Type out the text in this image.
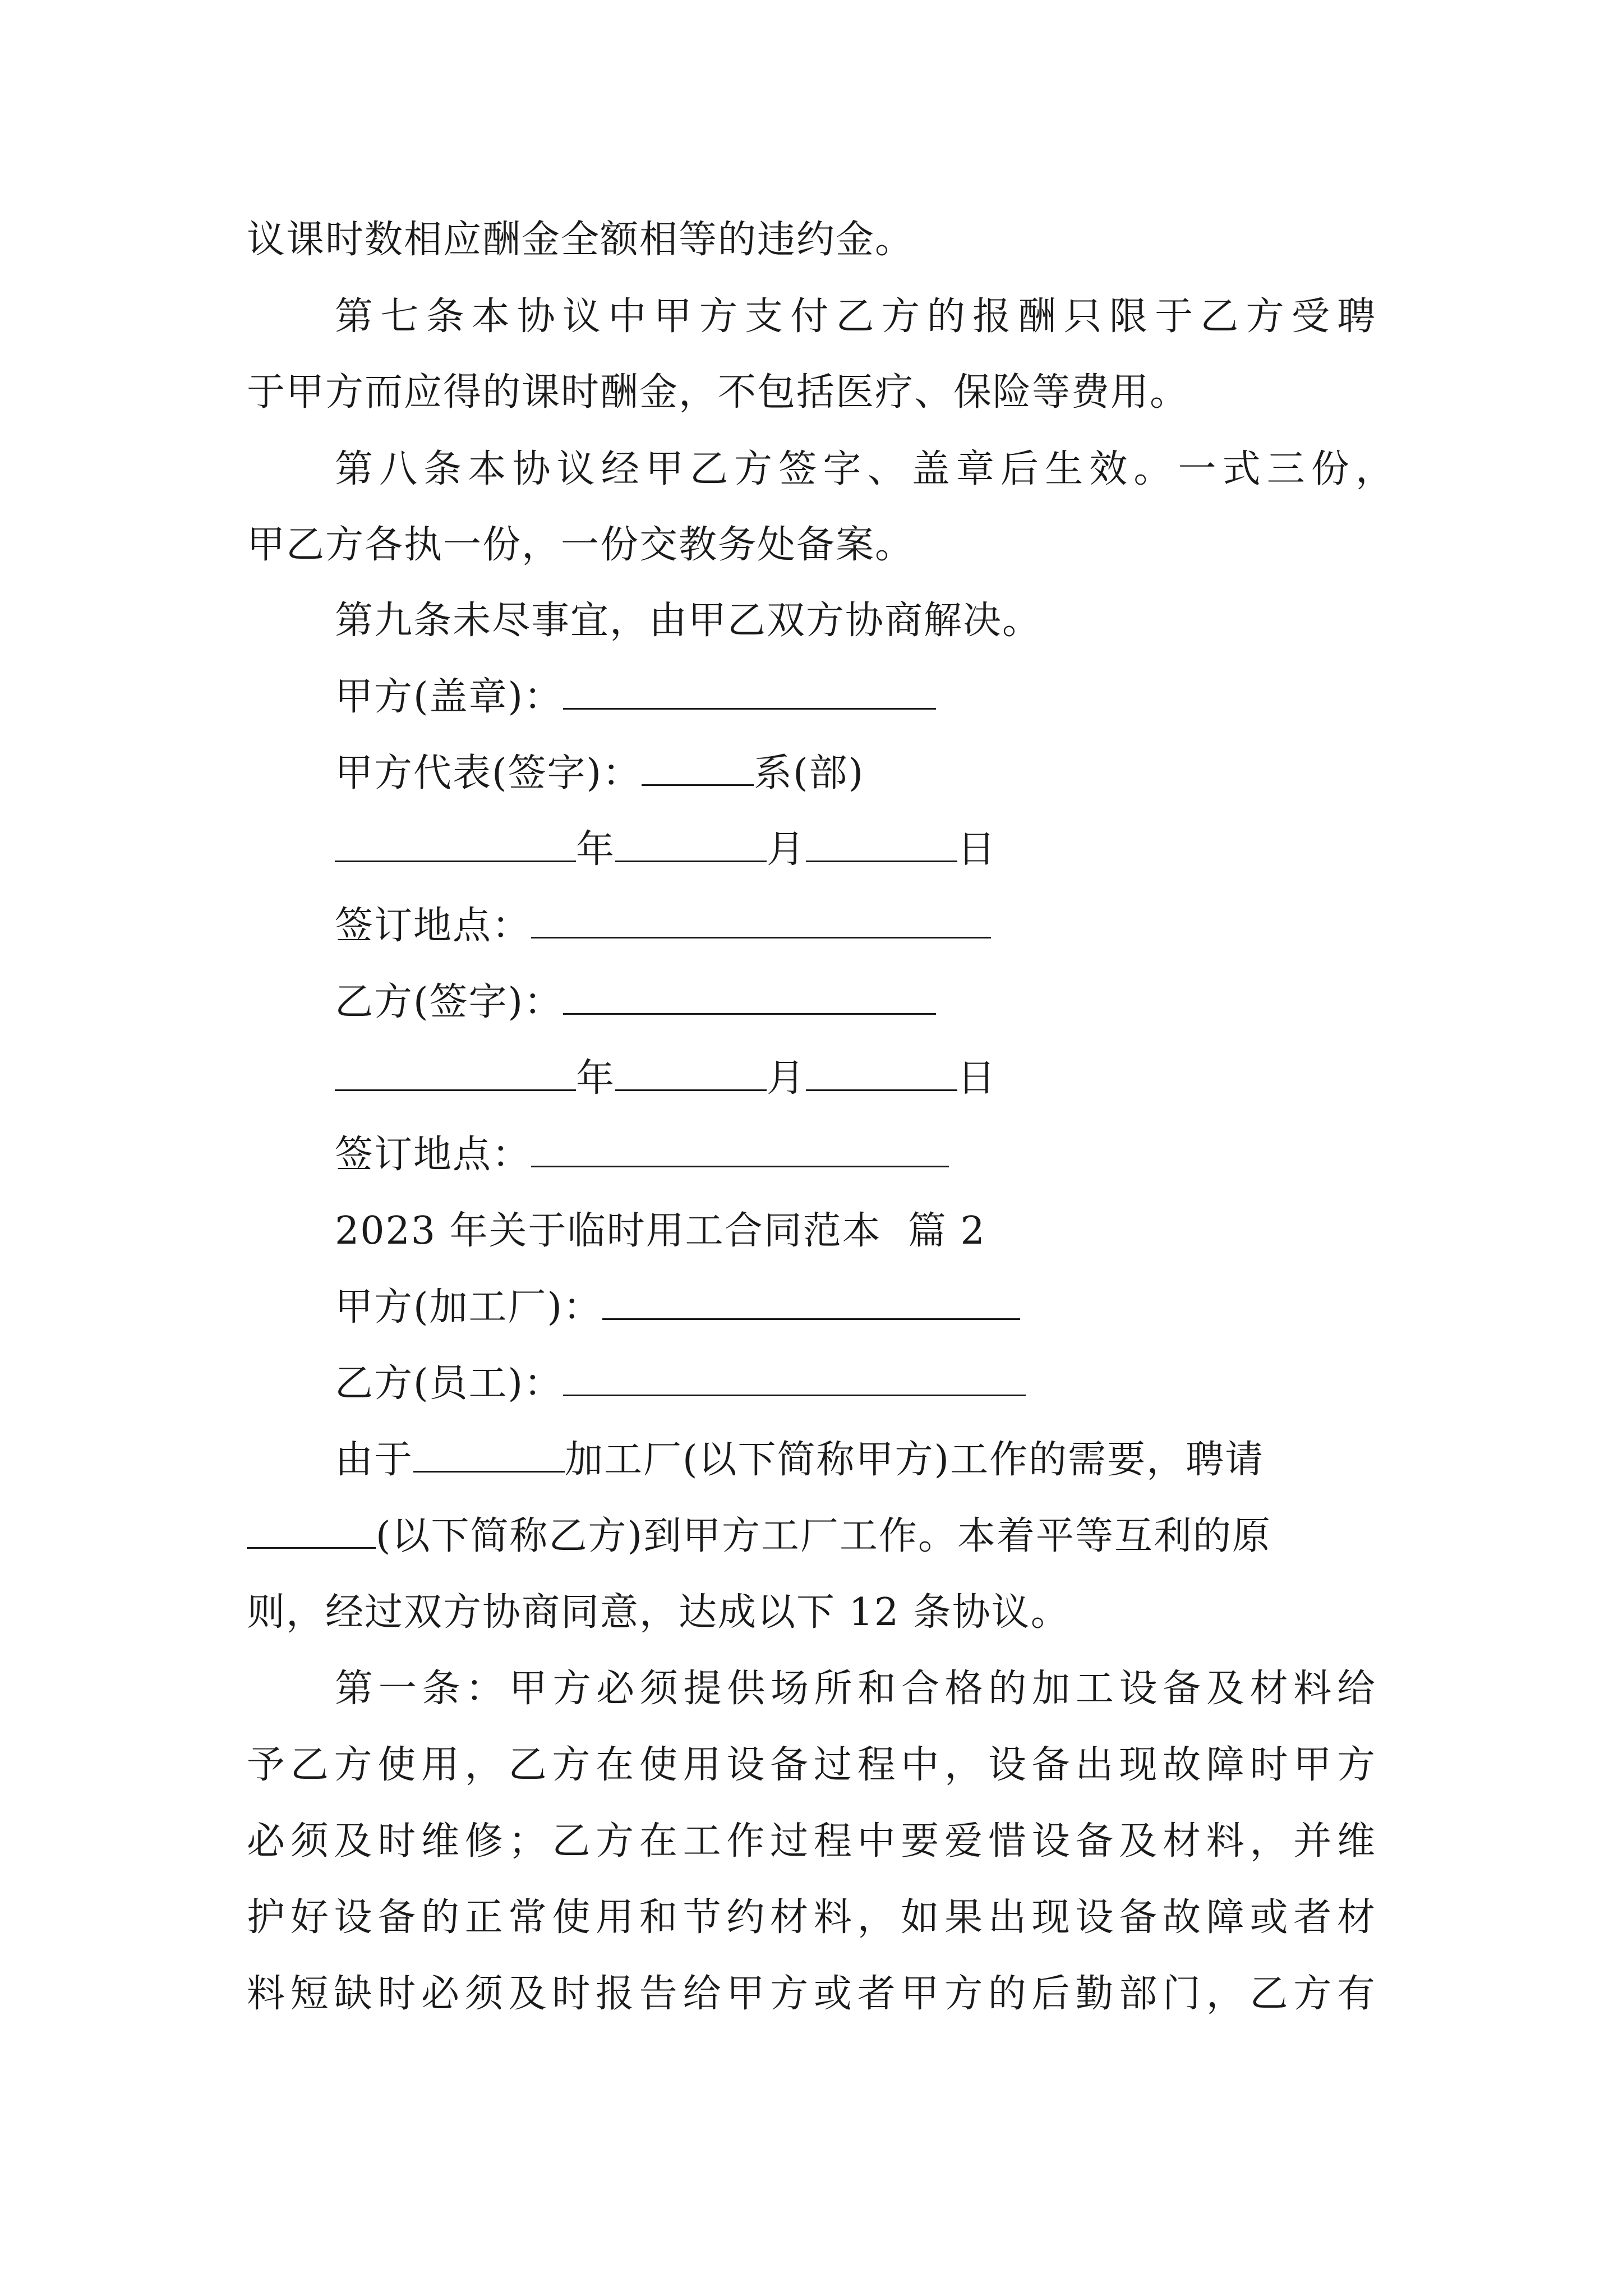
议课时数相应酬金全额相等的违约金。
第七条本协议中甲方支付乙方的报酬只限于乙方受聘
于甲方而应得的课时酬金，不包括医疗、保险等费用。
第八条本协议经甲乙方签字、盖章后生效。一式三份，
甲乙方各执一份，一份交教务处备案。
第九条未尽事宜，由甲乙双方协商解决。
甲方(盖章)：
甲方代表(签字)：	系(部)
年	月	日
签订地点：
乙方(签字)：
年	月	日
签订地点：
2023 年关于临时用工合同范本  篇 2
甲方(加工厂)：
乙方(员工)：
由于	加工厂(以下简称甲方)工作的需要，聘请
(以下简称乙方)到甲方工厂工作。本着平等互利的原
则，经过双方协商同意，达成以下 12 条协议。
第一条：甲方必须提供场所和合格的加工设备及材料给
予乙方使用，乙方在使用设备过程中，设备出现故障时甲方
必须及时维修；乙方在工作过程中要爱惜设备及材料，并维
护好设备的正常使用和节约材料，如果出现设备故障或者材
料短缺时必须及时报告给甲方或者甲方的后勤部门，乙方有
